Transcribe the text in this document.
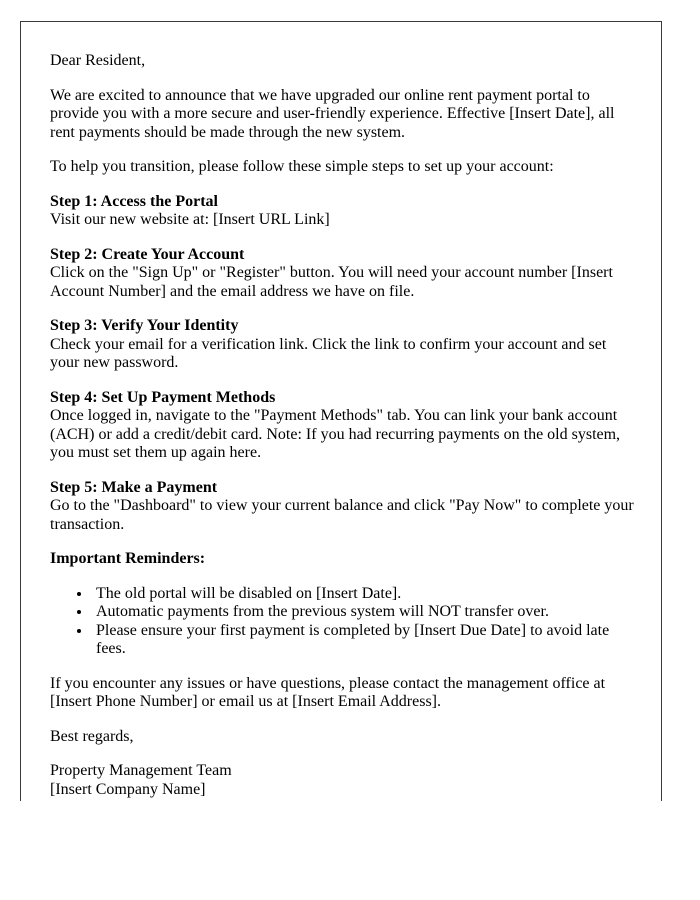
Dear Resident,

We are excited to announce that we have upgraded our online rent payment portal to provide you with a more secure and user-friendly experience. Effective [Insert Date], all rent payments should be made through the new system.

To help you transition, please follow these simple steps to set up your account:

Step 1: Access the Portal
Visit our new website at: [Insert URL Link]
Step 2: Create Your Account
Click on the "Sign Up" or "Register" button. You will need your account number [Insert Account Number] and the email address we have on file.
Step 3: Verify Your Identity
Check your email for a verification link. Click the link to confirm your account and set your new password.
Step 4: Set Up Payment Methods
Once logged in, navigate to the "Payment Methods" tab. You can link your bank account (ACH) or add a credit/debit card. Note: If you had recurring payments on the old system, you must set them up again here.
Step 5: Make a Payment
Go to the "Dashboard" to view your current balance and click "Pay Now" to complete your transaction.

Important Reminders:

• The old portal will be disabled on [Insert Date].
• Automatic payments from the previous system will NOT transfer over.
• Please ensure your first payment is completed by [Insert Due Date] to avoid late fees.

If you encounter any issues or have questions, please contact the management office at [Insert Phone Number] or email us at [Insert Email Address].

Best regards,

Property Management Team

[Insert Company Name]
